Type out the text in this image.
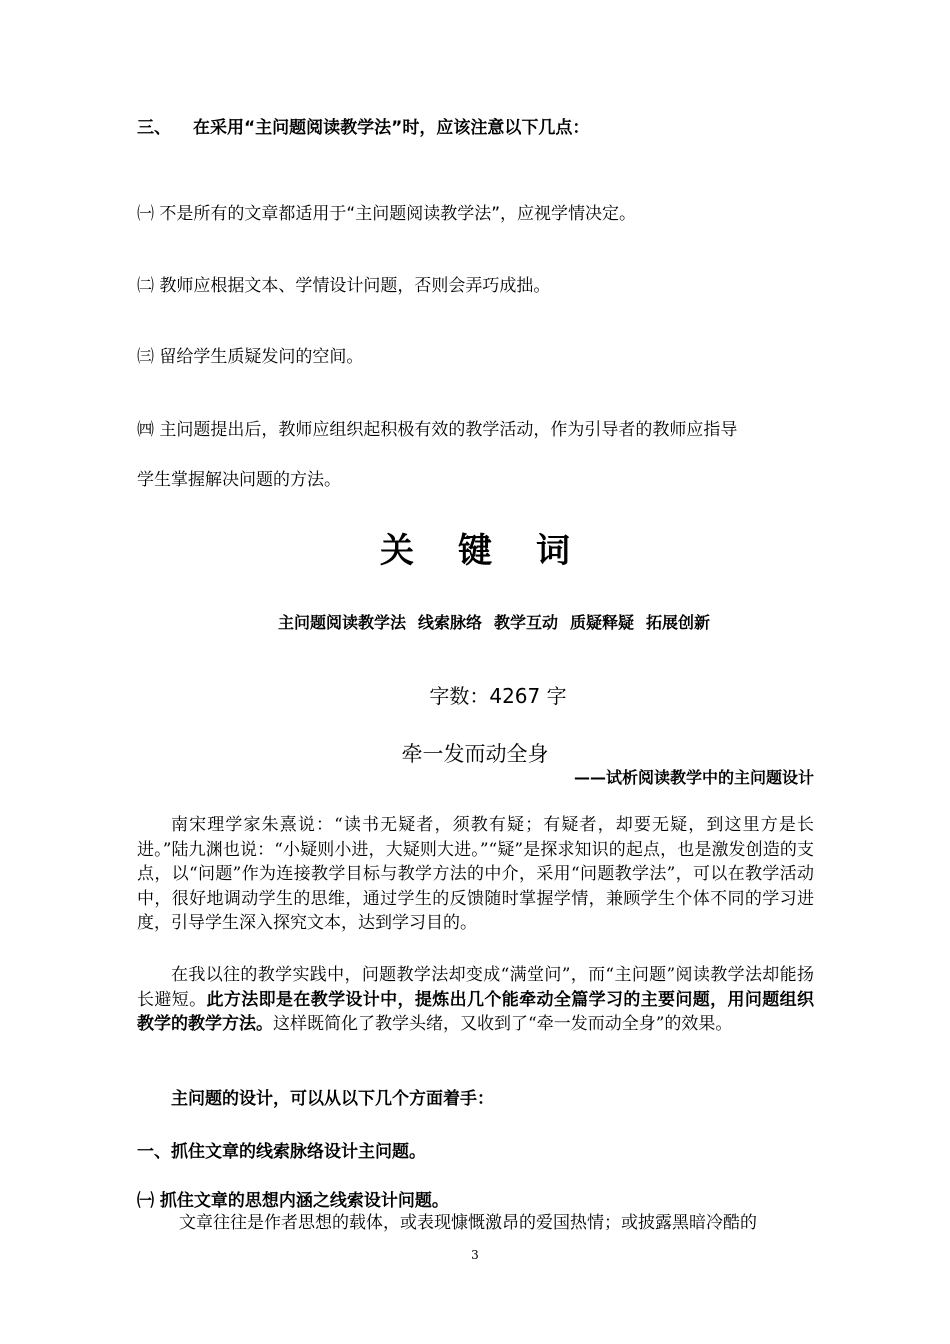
三、 在采用“主问题阅读教学法”时，应该注意以下几点：
㈠ 不是所有的文章都适用于“主问题阅读教学法”，应视学情决定。
㈡ 教师应根据文本、学情设计问题，否则会弄巧成拙。
㈢ 留给学生质疑发问的空间。
㈣ 主问题提出后，教师应组织起积极有效的教学活动，作为引导者的教师应指导
学生掌握解决问题的方法。
关键词
主问题阅读教学法 线索脉络 教学互动 质疑释疑 拓展创新
字数：4267 字
牵一发而动全身
——试析阅读教学中的主问题设计
南宋理学家朱熹说：“读书无疑者，须教有疑；有疑者，却要无疑，到这里方是长进。”陆九渊也说：“小疑则小进，大疑则大进。”“疑”是探求知识的起点，也是激发创造的支点，以“问题”作为连接教学目标与教学方法的中介，采用“问题教学法”，可以在教学活动中，很好地调动学生的思维，通过学生的反馈随时掌握学情，兼顾学生个体不同的学习进度，引导学生深入探究文本，达到学习目的。
在我以往的教学实践中，问题教学法却变成“满堂问”，而“主问题”阅读教学法却能扬长避短。此方法即是在教学设计中，提炼出几个能牵动全篇学习的主要问题，用问题组织教学的教学方法。这样既简化了教学头绪，又收到了“牵一发而动全身”的效果。
主问题的设计，可以从以下几个方面着手：
一、抓住文章的线索脉络设计主问题。
㈠ 抓住文章的思想内涵之线索设计问题。
文章往往是作者思想的载体，或表现慷慨激昂的爱国热情；或披露黑暗冷酷的
3
